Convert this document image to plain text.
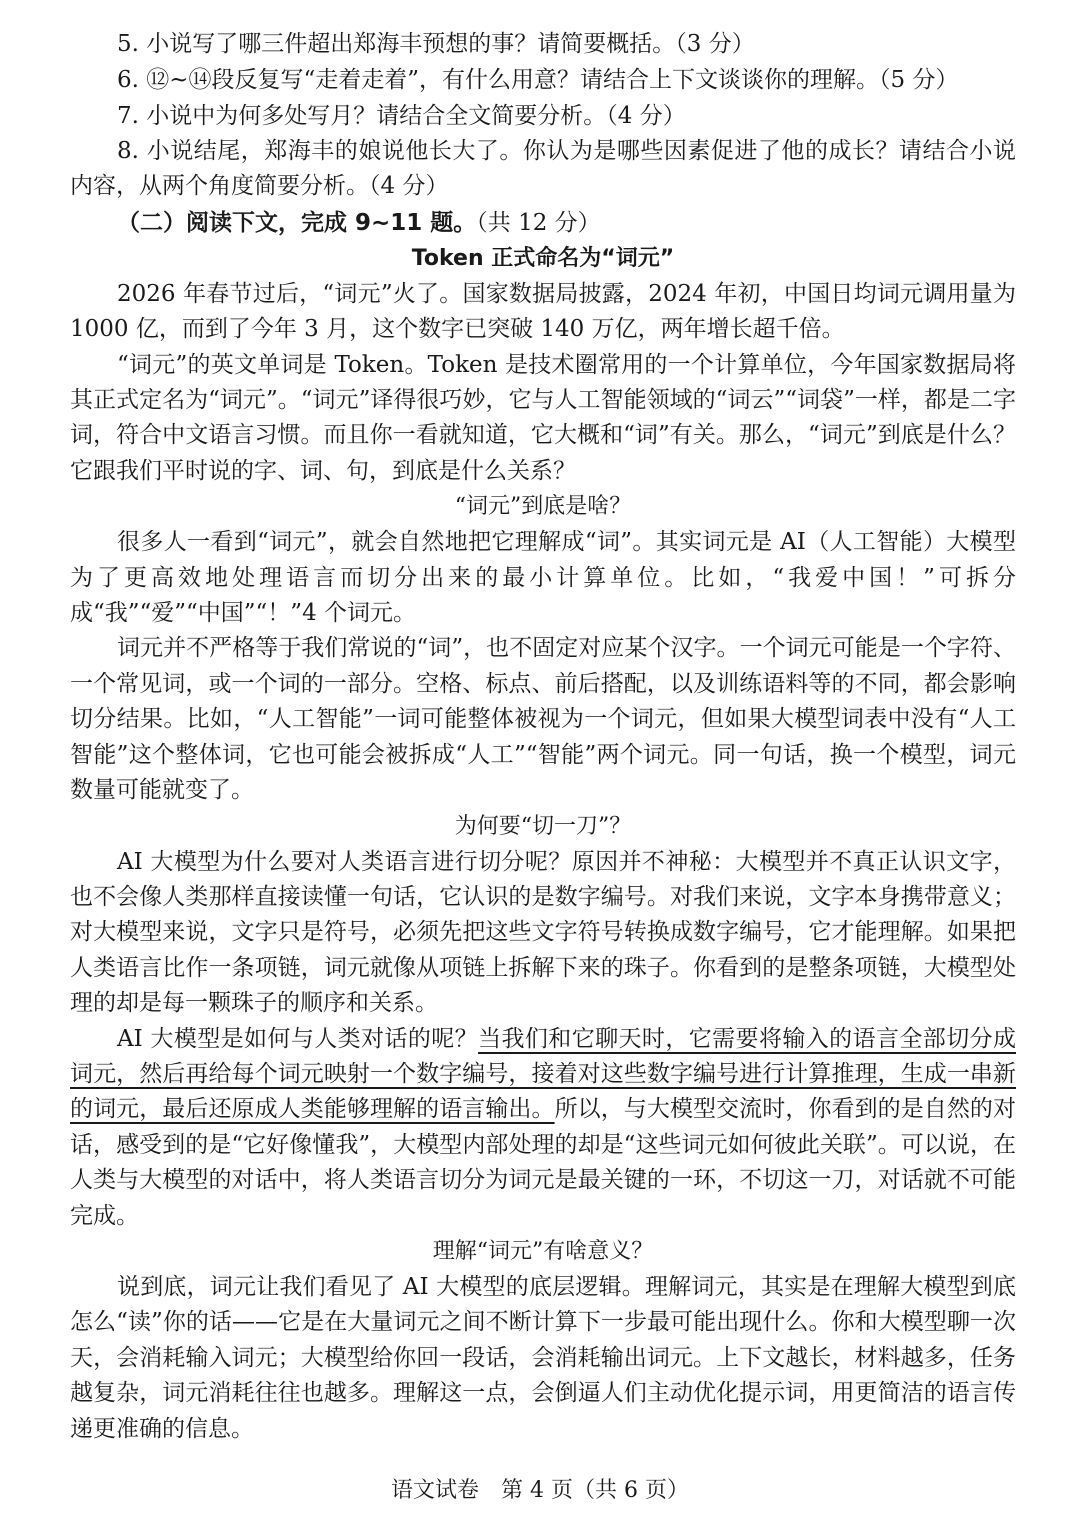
5. 小说写了哪三件超出郑海丰预想的事？请简要概括。（3 分）

6. ⑫~⑭段反复写“走着走着”，有什么用意？请结合上下文谈谈你的理解。（5 分）

7. 小说中为何多处写月？请结合全文简要分析。（4 分）

8. 小说结尾，郑海丰的娘说他长大了。你认为是哪些因素促进了他的成长？请结合小说内容，从两个角度简要分析。（4 分）

（二）阅读下文，完成 9~11 题。（共 12 分）

Token 正式命名为“词元”

2026 年春节过后，“词元”火了。国家数据局披露，2024 年初，中国日均词元调用量为 1000 亿，而到了今年 3 月，这个数字已突破 140 万亿，两年增长超千倍。

“词元”的英文单词是 Token。Token 是技术圈常用的一个计算单位，今年国家数据局将其正式定名为“词元”。“词元”译得很巧妙，它与人工智能领域的“词云”“词袋”一样，都是二字词，符合中文语言习惯。而且你一看就知道，它大概和“词”有关。那么，“词元”到底是什么？它跟我们平时说的字、词、句，到底是什么关系？

“词元”到底是啥？

很多人一看到“词元”，就会自然地把它理解成“词”。其实词元是 AI（人工智能）大模型为了更高效地处理语言而切分出来的最小计算单位。比如，“我爱中国！”可拆分成“我”“爱”“中国”“！”4 个词元。

词元并不严格等于我们常说的“词”，也不固定对应某个汉字。一个词元可能是一个字符、一个常见词，或一个词的一部分。空格、标点、前后搭配，以及训练语料等的不同，都会影响切分结果。比如，“人工智能”一词可能整体被视为一个词元，但如果大模型词表中没有“人工智能”这个整体词，它也可能会被拆成“人工”“智能”两个词元。同一句话，换一个模型，词元数量可能就变了。

为何要“切一刀”？

AI 大模型为什么要对人类语言进行切分呢？原因并不神秘：大模型并不真正认识文字，也不会像人类那样直接读懂一句话，它认识的是数字编号。对我们来说，文字本身携带意义；对大模型来说，文字只是符号，必须先把这些文字符号转换成数字编号，它才能理解。如果把人类语言比作一条项链，词元就像从项链上拆解下来的珠子。你看到的是整条项链，大模型处理的却是每一颗珠子的顺序和关系。

AI 大模型是如何与人类对话的呢？当我们和它聊天时，它需要将输入的语言全部切分成词元，然后再给每个词元映射一个数字编号，接着对这些数字编号进行计算推理，生成一串新的词元，最后还原成人类能够理解的语言输出。所以，与大模型交流时，你看到的是自然的对话，感受到的是“它好像懂我”，大模型内部处理的却是“这些词元如何彼此关联”。可以说，在人类与大模型的对话中，将人类语言切分为词元是最关键的一环，不切这一刀，对话就不可能完成。

理解“词元”有啥意义？

说到底，词元让我们看见了 AI 大模型的底层逻辑。理解词元，其实是在理解大模型到底怎么“读”你的话——它是在大量词元之间不断计算下一步最可能出现什么。你和大模型聊一次天，会消耗输入词元；大模型给你回一段话，会消耗输出词元。上下文越长，材料越多，任务越复杂，词元消耗往往也越多。理解这一点，会倒逼人们主动优化提示词，用更简洁的语言传递更准确的信息。

语文试卷　第 4 页（共 6 页）
